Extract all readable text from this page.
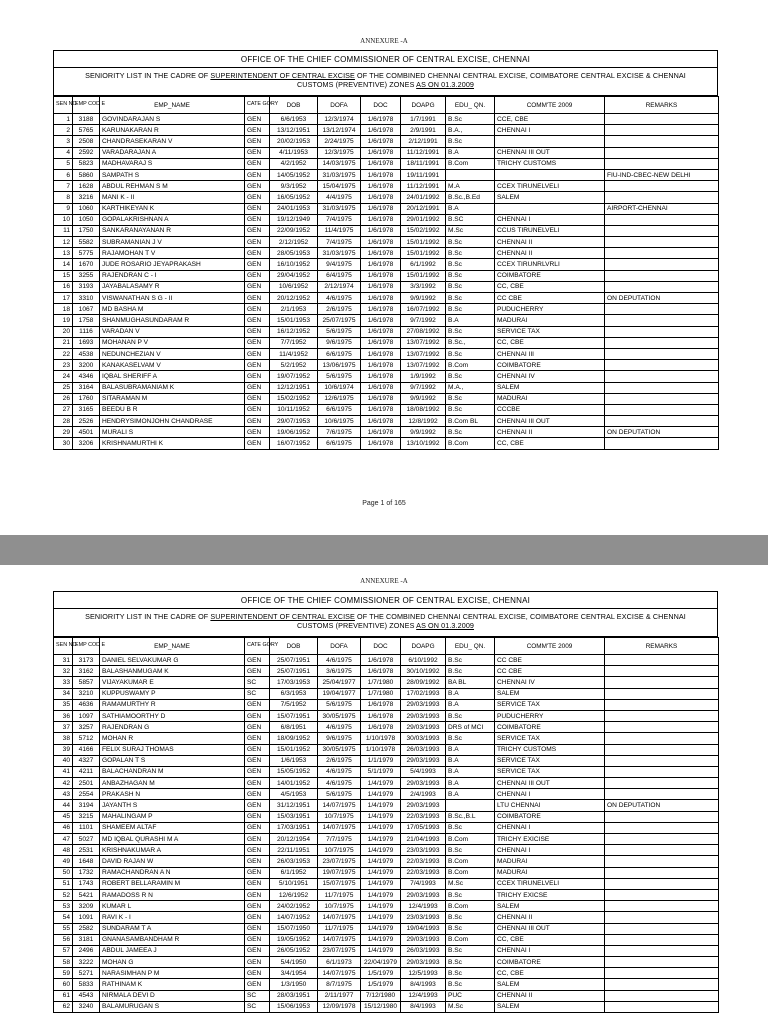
ANNEXURE -A
OFFICE OF THE CHIEF COMMISSIONER OF CENTRAL EXCISE, CHENNAI
SENIORITY LIST IN THE CADRE OF SUPERINTENDENT OF CENTRAL EXCISE OF THE COMBINED CHENNAI CENTRAL EXCISE, COIMBATORE CENTRAL EXCISE & CHENNAI
CUSTOMS (PREVENTIVE) ZONES AS ON 01.3.2009
SEN NO	EMP COD E	EMP_NAME	CATE GORY	DOB	DOFA	DOC	DOAPG	EDU_ QN.	COMM'TE 2009	REMARKS
1	3188	GOVINDARAJAN S	GEN	6/6/1953	12/3/1974	1/6/1978	1/7/1991	B.Sc	CCE, CBE	
2	5765	KARUNAKARAN R	GEN	13/12/1951	13/12/1974	1/6/1978	2/9/1991	B.A.,	CHENNAI I	
3	2508	CHANDRASEKARAN V	GEN	20/02/1953	2/24/1975	1/6/1978	2/12/1991	B.Sc		
4	2592	VARADARAJAN A	GEN	4/11/1953	12/3/1975	1/6/1978	11/12/1991	B.A	CHENNAI III OUT	
5	5823	MADHAVARAJ S	GEN	4/2/1952	14/03/1975	1/6/1978	18/11/1991	B.Com	TRICHY CUSTOMS	
6	5860	SAMPATH S	GEN	14/05/1952	31/03/1975	1/6/1978	19/11/1991			FIU-IND-CBEC-NEW DELHI
7	1628	ABDUL REHMAN S M	GEN	9/3/1952	15/04/1975	1/6/1978	11/12/1991	M.A	CCEX TIRUNELVELI	
8	3216	MANI K - II	GEN	16/05/1952	4/4/1975	1/6/1978	24/01/1992	B.Sc.,B.Ed	SALEM	
9	1060	KARTHIKEYAN K	GEN	24/01/1953	31/03/1975	1/6/1978	20/12/1991	B.A		AIRPORT-CHENNAI
10	1050	GOPALAKRISHNAN A	GEN	19/12/1949	7/4/1975	1/6/1978	29/01/1992	B.SC	CHENNAI I	
11	1750	SANKARANAYANAN R	GEN	22/09/1952	11/4/1975	1/6/1978	15/02/1992	M.Sc	CCUS TIRUNELVELI	
12	5582	SUBRAMANIAN J V	GEN	2/12/1952	7/4/1975	1/6/1978	15/01/1992	B.Sc	CHENNAI II	
13	5775	RAJAMOHAN T V	GEN	28/05/1953	31/03/1975	1/6/1978	15/01/1992	B.Sc	CHENNAI II	
14	1670	JUDE ROSARIO JEYAPRAKASH	GEN	16/10/1952	9/4/1975	1/6/1978	6/1/1992	B.Sc	CCEX TIRUNRLVRLI	
15	3255	RAJENDRAN C - I	GEN	29/04/1952	6/4/1975	1/6/1978	15/01/1992	B.Sc	COIMBATORE	
16	3193	JAYABALASAMY R	GEN	10/6/1952	2/12/1974	1/6/1978	3/3/1992	B.Sc	CC, CBE	
17	3310	VISWANATHAN S G - II	GEN	20/12/1952	4/6/1975	1/6/1978	9/9/1992	B.Sc	CC CBE	ON DEPUTATION
18	1067	MD BASHA M	GEN	2/1/1953	2/6/1975	1/6/1978	16/07/1992	B.Sc	PUDUCHERRY	
19	1758	SHANMUGHASUNDARAM R	GEN	15/01/1953	25/07/1975	1/6/1978	9/7/1992	B.A	MADURAI	
20	1116	VARADAN V	GEN	16/12/1952	5/6/1975	1/6/1978	27/08/1992	B.Sc	SERVICE TAX	
21	1693	MOHANAN P V	GEN	7/7/1952	9/6/1975	1/6/1978	13/07/1992	B.Sc.,	CC, CBE	
22	4538	NEDUNCHEZIAN V	GEN	11/4/1952	6/6/1975	1/6/1978	13/07/1992	B.Sc	CHENNAI III	
23	3200	KANAKASELVAM V	GEN	5/2/1952	13/06/1975	1/6/1978	13/07/1992	B.Com	COIMBATORE	
24	4346	IQBAL SHERIFF A	GEN	19/07/1952	5/6/1975	1/6/1978	1/9/1992	B.Sc	CHENNAI IV	
25	3164	BALASUBRAMANIAM K	GEN	12/12/1951	10/6/1974	1/6/1978	9/7/1992	M.A.,	SALEM	
26	1760	SITARAMAN M	GEN	15/02/1952	12/6/1975	1/6/1978	9/9/1992	B.Sc	MADURAI	
27	3165	BEEDU B R	GEN	10/11/1952	6/6/1975	1/6/1978	18/08/1992	B.Sc	CCCBE	
28	2526	HENDRYSIMONJOHN CHANDRASE	GEN	29/07/1953	10/6/1975	1/6/1978	12/8/1992	B.Com BL	CHENNAI III OUT	
29	4501	MURALI S	GEN	19/06/1952	7/6/1975	1/6/1978	9/9/1992	B.Sc	CHENNAI II	ON DEPUTATION
30	3206	KRISHNAMURTHI K	GEN	16/07/1952	6/6/1975	1/6/1978	13/10/1992	B.Com	CC, CBE	
Page 1 of 165
ANNEXURE -A
OFFICE OF THE CHIEF COMMISSIONER OF CENTRAL EXCISE, CHENNAI
SENIORITY LIST IN THE CADRE OF SUPERINTENDENT OF CENTRAL EXCISE OF THE COMBINED CHENNAI CENTRAL EXCISE, COIMBATORE CENTRAL EXCISE & CHENNAI
CUSTOMS (PREVENTIVE) ZONES AS ON 01.3.2009
SEN NO	EMP COD E	EMP_NAME	CATE GORY	DOB	DOFA	DOC	DOAPG	EDU_ QN.	COMM'TE 2009	REMARKS
31	3173	DANIEL SELVAKUMAR G	GEN	25/07/1951	4/6/1975	1/6/1978	6/10/1992	B.Sc	CC CBE	
32	3162	BALASHANMUGAM K	GEN	25/07/1951	3/6/1975	1/6/1978	30/10/1992	B.Sc	CC CBE	
33	5857	VIJAYAKUMAR E	SC	17/03/1953	25/04/1977	1/7/1980	28/09/1992	BA BL	CHENNAI IV	
34	3210	KUPPUSWAMY P	SC	6/3/1953	19/04/1977	1/7/1980	17/02/1993	B.A	SALEM	
35	4636	RAMAMURTHY R	GEN	7/5/1952	5/6/1975	1/6/1978	29/03/1993	B.A	SERVICE TAX	
36	1097	SATHIAMOORTHY D	GEN	15/07/1951	30/05/1975	1/6/1978	29/03/1993	B.Sc	PUDUCHERRY	
37	3257	RAJENDRAN G	GEN	6/8/1951	4/6/1975	1/6/1978	29/03/1993	DRS of MCI	COIMBATORE	
38	5712	MOHAN R	GEN	18/09/1952	9/6/1975	1/10/1978	30/03/1993	B.Sc	SERVICE TAX	
39	4166	FELIX SURAJ THOMAS	GEN	15/01/1952	30/05/1975	1/10/1978	26/03/1993	B.A	TRICHY CUSTOMS	
40	4327	GOPALAN T S	GEN	1/6/1953	2/6/1975	1/1/1979	29/03/1993	B.A	SERVICE TAX	
41	4211	BALACHANDRAN M	GEN	15/05/1952	4/6/1975	5/1/1979	5/4/1993	B.A	SERVICE TAX	
42	2501	ANBAZHAGAN M	GEN	14/01/1952	4/6/1975	1/4/1979	29/03/1993	B.A	CHENNAI III OUT	
43	2554	PRAKASH N	GEN	4/5/1953	5/6/1975	1/4/1979	2/4/1993	B.A	CHENNAI I	
44	3194	JAYANTH S	GEN	31/12/1951	14/07/1975	1/4/1979	29/03/1993		LTU CHENNAI	ON DEPUTATION
45	3215	MAHALINGAM P	GEN	15/03/1951	10/7/1975	1/4/1979	22/03/1993	B.Sc.,B.L	COIMBATORE	
46	1101	SHAMEEM ALTAF	GEN	17/03/1951	14/07/1975	1/4/1979	17/05/1993	B.Sc	CHENNAI I	
47	5027	MD IQBAL QURASHI M A	GEN	20/12/1954	7/7/1975	1/4/1979	21/04/1993	B.Com	TRICHY EXICISE	
48	2531	KRISHNAKUMAR A	GEN	22/11/1951	10/7/1975	1/4/1979	23/03/1993	B.Sc	CHENNAI I	
49	1648	DAVID RAJAN W	GEN	26/03/1953	23/07/1975	1/4/1979	22/03/1993	B.Com	MADURAI	
50	1732	RAMACHANDRAN A N	GEN	6/1/1952	19/07/1975	1/4/1979	22/03/1993	B.Com	MADURAI	
51	1743	ROBERT BELLARAMIN M	GEN	5/10/1951	15/07/1975	1/4/1979	7/4/1993	M.Sc	CCEX TIRUNELVELI	
52	5421	RAMADOSS R N	GEN	12/6/1952	11/7/1975	1/4/1979	29/03/1993	B.Sc	TRICHY EXICSE	
53	3209	KUMAR L	GEN	24/02/1952	10/7/1975	1/4/1979	12/4/1993	B.Com	SALEM	
54	1091	RAVI K - I	GEN	14/07/1952	14/07/1975	1/4/1979	23/03/1993	B.Sc	CHENNAI II	
55	2582	SUNDARAM T A	GEN	15/07/1950	11/7/1975	1/4/1979	19/04/1993	B.Sc	CHENNAI III OUT	
56	3181	GNANASAMBANDHAM R	GEN	19/05/1952	14/07/1975	1/4/1979	29/03/1993	B.Com	CC, CBE	
57	2496	ABDUL JAMEEA J	GEN	26/05/1952	23/07/1975	1/4/1979	26/03/1993	B.Sc	CHENNAI I	
58	3222	MOHAN G	GEN	5/4/1950	6/1/1973	22/04/1979	29/03/1993	B.Sc	COIMBATORE	
59	5271	NARASIMHAN P M	GEN	3/4/1954	14/07/1975	1/5/1979	12/5/1993	B.Sc	CC, CBE	
60	5833	RATHINAM K	GEN	1/3/1950	8/7/1975	1/5/1979	8/4/1993	B.Sc	SALEM	
61	4543	NIRMALA DEVI D	SC	28/03/1951	2/11/1977	7/12/1980	12/4/1993	PUC	CHENNAI II	
62	3240	BALAMURUGAN S	SC	15/06/1953	12/09/1978	15/12/1980	8/4/1993	M.Sc	SALEM	
